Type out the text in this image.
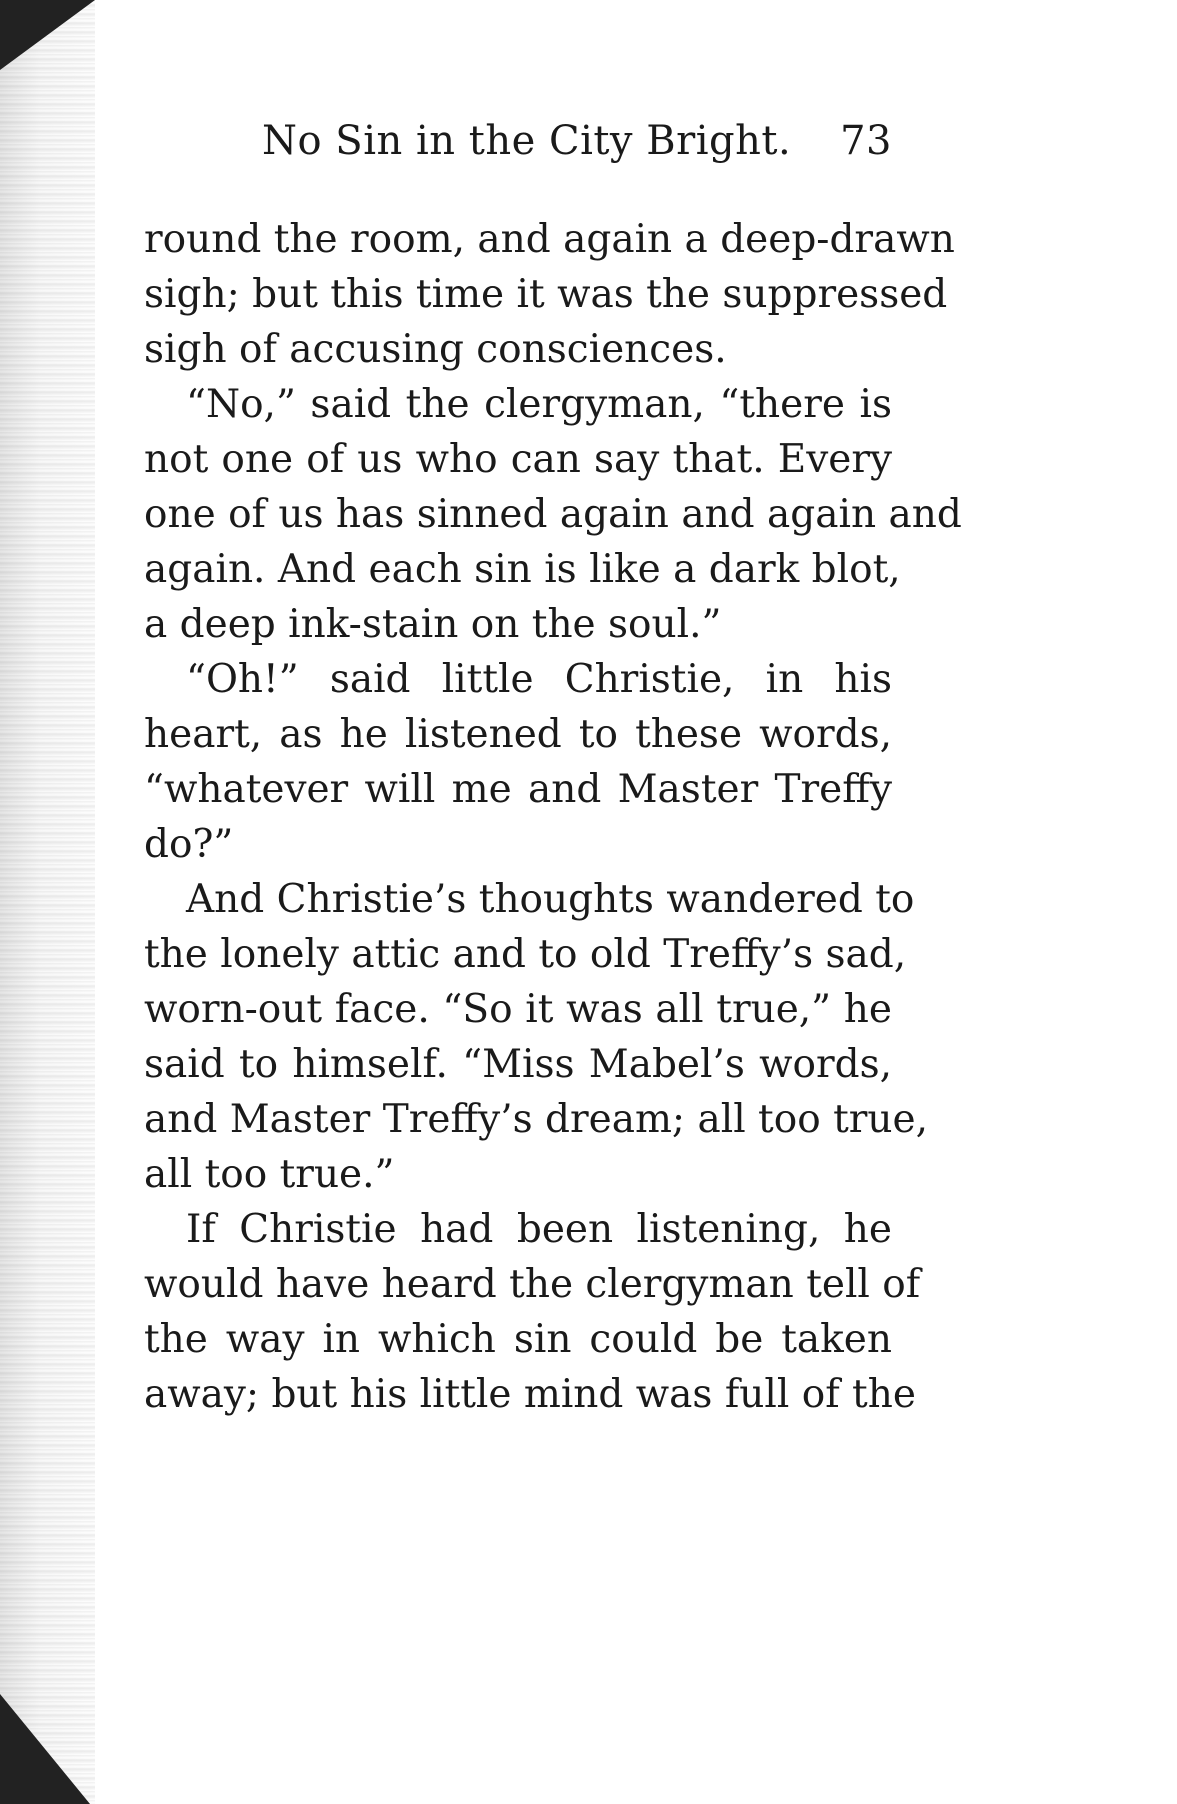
No Sin in the City Bright. 73
round the room, and again a deep-drawn
sigh; but this time it was the suppressed
sigh of accusing consciences.
“No,” said the clergyman, “there is
not one of us who can say that. Every
one of us has sinned again and again and
again. And each sin is like a dark blot,
a deep ink-stain on the soul.”
“Oh!” said little Christie, in his
heart, as he listened to these words,
“whatever will me and Master Treffy
do?”
And Christie’s thoughts wandered to
the lonely attic and to old Treffy’s sad,
worn-out face. “So it was all true,” he
said to himself. “Miss Mabel’s words,
and Master Treffy’s dream; all too true,
all too true.”
If Christie had been listening, he
would have heard the clergyman tell of
the way in which sin could be taken
away; but his little mind was full of the
